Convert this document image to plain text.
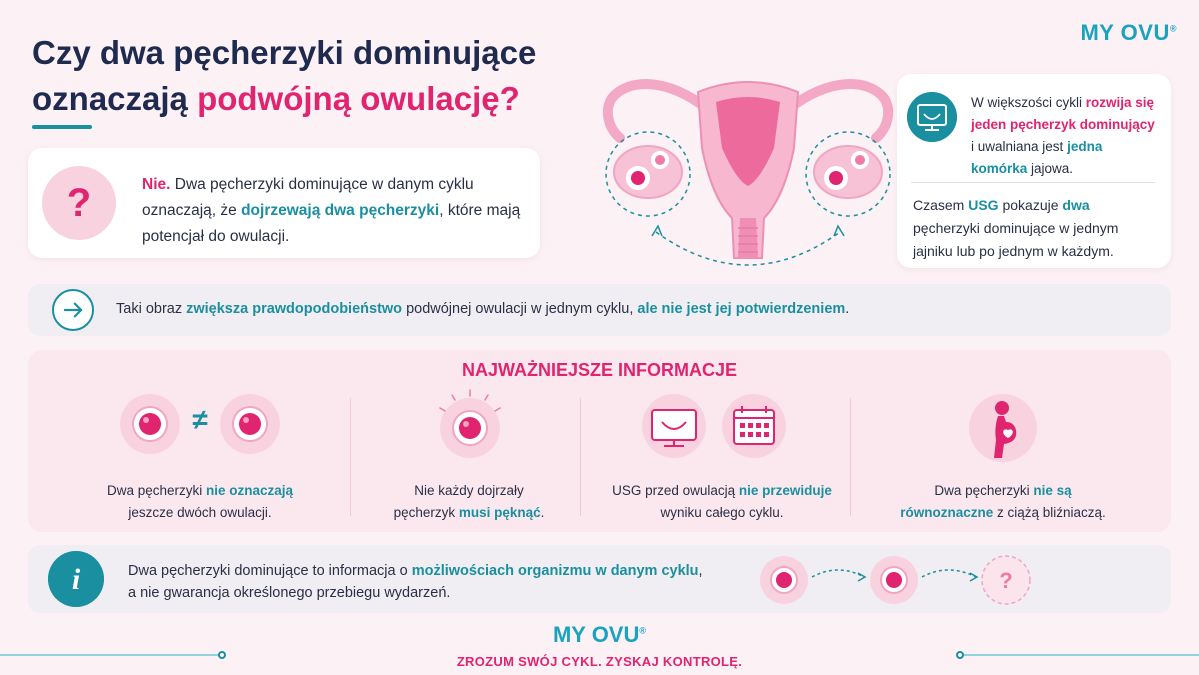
Czy dwa pęcherzyki dominujące
oznaczają podwójną owulację?
MY OVU®
?	Nie. Dwa pęcherzyki dominujące w danym cyklu oznaczają, że dojrzewają dwa pęcherzyki, które mają potencjał do owulacji.
W większości cykli rozwija się jeden pęcherzyk dominujący i uwalniana jest jedna komórka jajowa.
Czasem USG pokazuje dwa pęcherzyki dominujące w jednym jajniku lub po jednym w każdym.
Taki obraz zwiększa prawdopodobieństwo podwójnej owulacji w jednym cyklu, ale nie jest jej potwierdzeniem.
NAJWAŻNIEJSZE INFORMACJE
≠
Dwa pęcherzyki nie oznaczają
jeszcze dwóch owulacji.
Nie każdy dojrzały
pęcherzyk musi pęknąć.
USG przed owulacją nie przewiduje
wyniku całego cyklu.
Dwa pęcherzyki nie są
równoznaczne z ciążą bliźniaczą.
i	Dwa pęcherzyki dominujące to informacja o możliwościach organizmu w danym cyklu,
a nie gwarancja określonego przebiegu wydarzeń.	?
MY OVU®
ZROZUM SWÓJ CYKL. ZYSKAJ KONTROLĘ.
